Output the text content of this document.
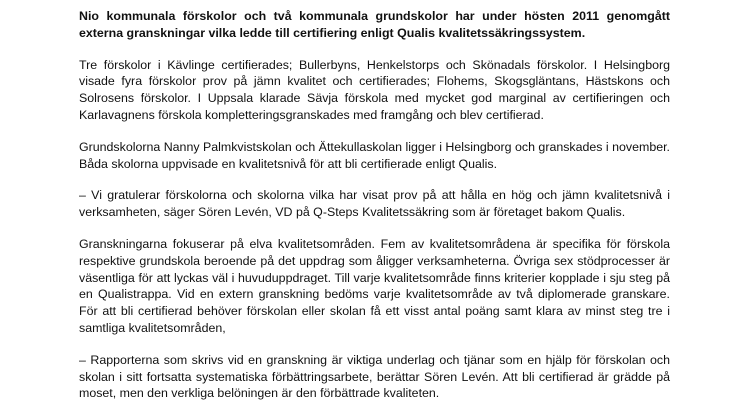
Nio kommunala förskolor och två kommunala grundskolor har under hösten 2011 genomgått externa granskningar vilka ledde till certifiering enligt Qualis kvalitetssäkringssystem.

Tre förskolor i Kävlinge certifierades; Bullerbyns, Henkelstorps och Skönadals förskolor. I Helsingborg visade fyra förskolor prov på jämn kvalitet och certifierades; Flohems, Skogsgläntans, Hästskons och Solrosens förskolor. I Uppsala klarade Sävja förskola med mycket god marginal av certifieringen och Karlavagnens förskola kompletteringsgranskades med framgång och blev certifierad.

Grundskolorna Nanny Palmkvistskolan och Ättekullaskolan ligger i Helsingborg och granskades i november. Båda skolorna uppvisade en kvalitetsnivå för att bli certifierade enligt Qualis.

– Vi gratulerar förskolorna och skolorna vilka har visat prov på att hålla en hög och jämn kvalitetsnivå i verksamheten, säger Sören Levén, VD på Q-Steps Kvalitetssäkring som är företaget bakom Qualis.

Granskningarna fokuserar på elva kvalitetsområden. Fem av kvalitetsområdena är specifika för förskola respektive grundskola beroende på det uppdrag som åligger verksamheterna. Övriga sex stödprocesser är väsentliga för att lyckas väl i huvuduppdraget. Till varje kvalitetsområde finns kriterier kopplade i sju steg på en Qualistrappa. Vid en extern granskning bedöms varje kvalitetsområde av två diplomerade granskare. För att bli certifierad behöver förskolan eller skolan få ett visst antal poäng samt klara av minst steg tre i samtliga kvalitetsområden,

– Rapporterna som skrivs vid en granskning är viktiga underlag och tjänar som en hjälp för förskolan och skolan i sitt fortsatta systematiska förbättringsarbete, berättar Sören Levén. Att bli certifierad är grädde på moset, men den verkliga belöningen är den förbättrade kvaliteten.
